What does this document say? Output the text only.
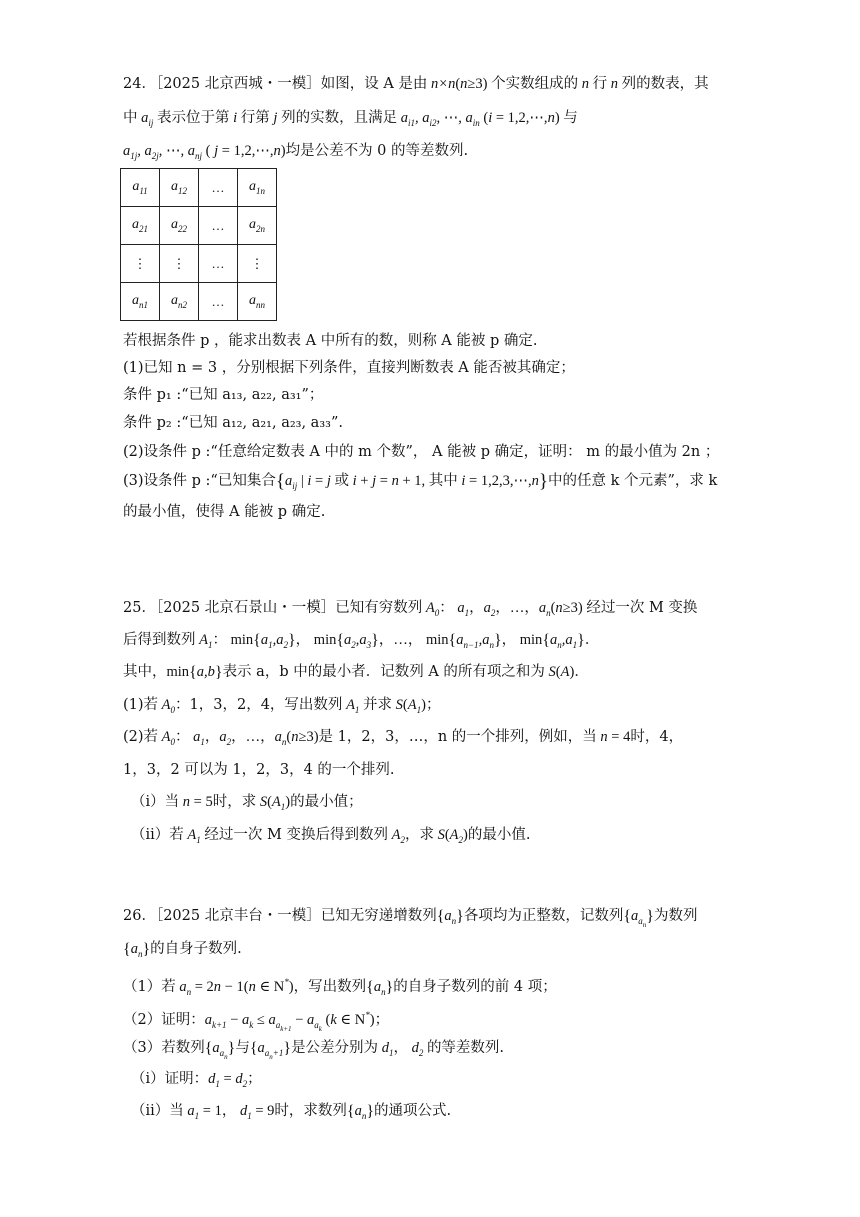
24．［2025 北京西城・一模］如图，设 A 是由 n×n(n≥3) 个实数组成的 n 行 n 列的数表，其
中 $a_{ij}$ 表示位于第 i 行第 j 列的实数，且满足 $a_{i1}$, $a_{i2}$, ⋯, $a_{in}$ (i = 1,2,⋯,n) 与
$a_{1j}$, $a_{2j}$, ⋯, $a_{nj}$ ( j = 1,2,⋯,n)均是公差不为 0 的等差数列.
$a_{11}$	$a_{12}$	…	$a_{1n}$
$a_{21}$	$a_{22}$	…	$a_{2n}$
⋮	⋮	…	⋮
$a_{n1}$	$a_{n2}$	…	$a_{nn}$
若根据条件 p ，能求出数表 A 中所有的数，则称 A 能被 p 确定.
(1)已知 n = 3 ，分别根据下列条件，直接判断数表 A 能否被其确定；
条件 p₁ :“已知 a₁₃, a₂₂, a₃₁”；
条件 p₂ :“已知 a₁₂, a₂₁, a₂₃, a₃₃”.
(2)设条件 p :“任意给定数表 A 中的 m 个数”， A 能被 p 确定，证明： m 的最小值为 2n ；
(3)设条件 p :“已知集合{$a_{ij}$ | i = j 或 i + j = n + 1, 其中 i = 1,2,3,⋯,n}中的任意 k 个元素”，求 k
的最小值，使得 A 能被 p 确定.
25．［2025 北京石景山・一模］已知有穷数列 $A_0$： $a_1$，$a_2$，…，$a_n(n\ge 3)$ 经过一次 M 变换
后得到数列 $A_1$： $\min\{a_1,a_2\}$， $\min\{a_2,a_3\}$，…， $\min\{a_{n-1},a_n\}$， $\min\{a_n,a_1\}$．
其中，min{a,b}表示 a，b 中的最小者．记数列 A 的所有项之和为 S(A)．
(1)若 $A_0$：1，3，2，4，写出数列 $A_1$ 并求 $S(A_1)$；
(2)若 $A_0$： $a_1$，$a_2$，…，$a_n(n\ge 3)$是 1，2，3，…，n 的一个排列，例如，当 n = 4时，4，
1，3，2 可以为 1，2，3，4 的一个排列.
（i）当 n = 5时，求 $S(A_1)$的最小值；
（ii）若 $A_1$ 经过一次 M 变换后得到数列 $A_2$，求 $S(A_2)$的最小值.
26．［2025 北京丰台・一模］已知无穷递增数列$\{a_n\}$各项均为正整数，记数列$\{a_{a_n}\}$为数列
$\{a_n\}$的自身子数列.
（1）若 $a_n = 2n - 1(n$ ∈ N*)，写出数列$\{a_n\}$的自身子数列的前 4 项；
（2）证明：$a_{k+1} - a_k \le a_{a_{k+1}} - a_{a_k}$ (k ∈ N*)；
（3）若数列$\{a_{a_n}\}$与$\{a_{a_n+1}\}$是公差分别为 $d_1$， $d_2$ 的等差数列.
（i）证明：$d_1 = d_2$；
（ii）当 $a_1 = 1$， $d_1 = 9$时，求数列$\{a_n\}$的通项公式.
